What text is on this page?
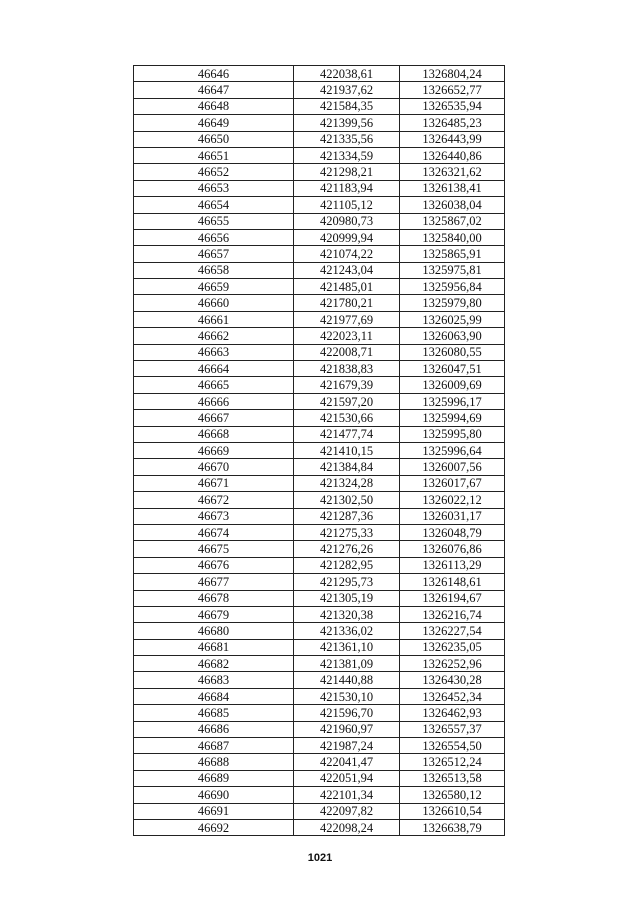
46646	422038,61	1326804,24
46647	421937,62	1326652,77
46648	421584,35	1326535,94
46649	421399,56	1326485,23
46650	421335,56	1326443,99
46651	421334,59	1326440,86
46652	421298,21	1326321,62
46653	421183,94	1326138,41
46654	421105,12	1326038,04
46655	420980,73	1325867,02
46656	420999,94	1325840,00
46657	421074,22	1325865,91
46658	421243,04	1325975,81
46659	421485,01	1325956,84
46660	421780,21	1325979,80
46661	421977,69	1326025,99
46662	422023,11	1326063,90
46663	422008,71	1326080,55
46664	421838,83	1326047,51
46665	421679,39	1326009,69
46666	421597,20	1325996,17
46667	421530,66	1325994,69
46668	421477,74	1325995,80
46669	421410,15	1325996,64
46670	421384,84	1326007,56
46671	421324,28	1326017,67
46672	421302,50	1326022,12
46673	421287,36	1326031,17
46674	421275,33	1326048,79
46675	421276,26	1326076,86
46676	421282,95	1326113,29
46677	421295,73	1326148,61
46678	421305,19	1326194,67
46679	421320,38	1326216,74
46680	421336,02	1326227,54
46681	421361,10	1326235,05
46682	421381,09	1326252,96
46683	421440,88	1326430,28
46684	421530,10	1326452,34
46685	421596,70	1326462,93
46686	421960,97	1326557,37
46687	421987,24	1326554,50
46688	422041,47	1326512,24
46689	422051,94	1326513,58
46690	422101,34	1326580,12
46691	422097,82	1326610,54
46692	422098,24	1326638,79
1021
